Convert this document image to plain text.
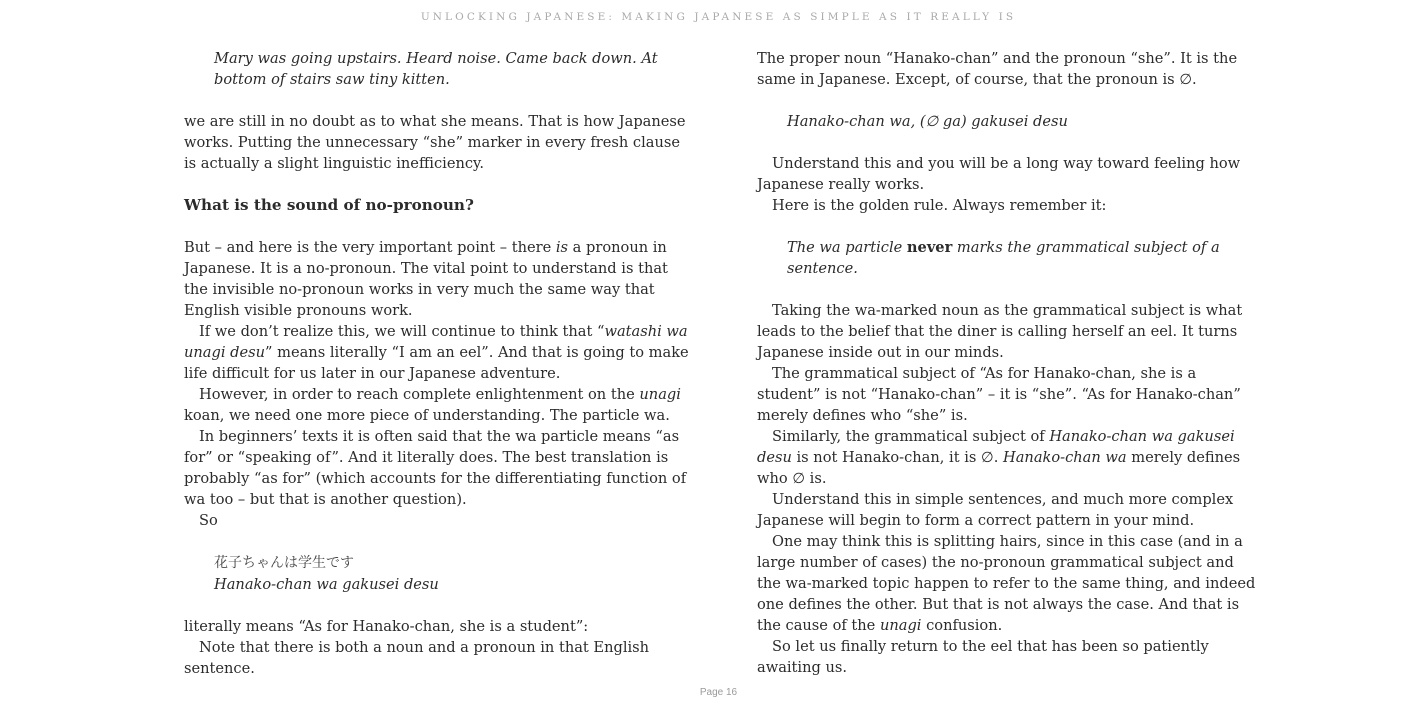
UNLOCKING JAPANESE: MAKING JAPANESE AS SIMPLE AS IT REALLY IS

Mary was going upstairs. Heard noise. Came back down. At
bottom of stairs saw tiny kitten.

we are still in no doubt as to what she means. That is how Japanese works. Putting the unnecessary “she” marker in every fresh clause is actually a slight linguistic inefficiency.

What is the sound of no-pronoun?

But – and here is the very important point – there is a pronoun in Japanese. It is a no-pronoun. The vital point to understand is that the invisible no-pronoun works in very much the same way that English visible pronouns work.

If we don’t realize this, we will continue to think that “watashi wa unagi desu” means literally “I am an eel”. And that is going to make life difficult for us later in our Japanese adventure.

However, in order to reach complete enlightenment on the unagi koan, we need one more piece of understanding. The particle wa.

In beginners’ texts it is often said that the wa particle means “as for” or “speaking of”. And it literally does. The best translation is probably “as for” (which accounts for the differentiating function of wa too – but that is another question).

So

花子ちゃんは学生です
Hanako-chan wa gakusei desu

literally means “As for Hanako-chan, she is a student”:

Note that there is both a noun and a pronoun in that English sentence.

The proper noun “Hanako-chan” and the pronoun “she”. It is the same in Japanese. Except, of course, that the pronoun is ∅.

Hanako-chan wa, (∅ ga) gakusei desu

Understand this and you will be a long way toward feeling how Japanese really works.

Here is the golden rule. Always remember it:

The wa particle never marks the grammatical subject of a sentence.

Taking the wa-marked noun as the grammatical subject is what leads to the belief that the diner is calling herself an eel. It turns Japanese inside out in our minds.

The grammatical subject of “As for Hanako-chan, she is a student” is not “Hanako-chan” – it is “she”. “As for Hanako-chan” merely defines who “she” is.

Similarly, the grammatical subject of Hanako-chan wa gakusei desu is not Hanako-chan, it is ∅. Hanako-chan wa merely defines who ∅ is.

Understand this in simple sentences, and much more complex Japanese will begin to form a correct pattern in your mind.

One may think this is splitting hairs, since in this case (and in a large number of cases) the no-pronoun grammatical subject and the wa-marked topic happen to refer to the same thing, and indeed one defines the other. But that is not always the case. And that is the cause of the unagi confusion.

So let us finally return to the eel that has been so patiently awaiting us.

Page 16
